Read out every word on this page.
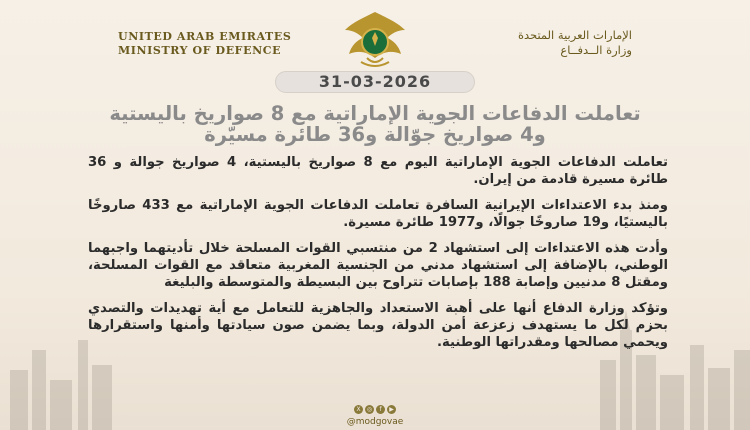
UNITED ARAB EMIRATES
MINISTRY OF DEFENCE
الإمارات العربية المتحدة
وزارة الــدفــاع
31-03-2026
تعاملت الدفاعات الجوية الإماراتية مع 8 صواريخ باليستية
و4 صواريخ جوّالة و36 طائرة مسيّرة

تعاملت الدفاعات الجوية الإماراتية اليوم مع 8 صواريخ باليستية، 4 صواريخ جوالة و 36 طائرة مسيرة قادمة من إيران.

ومنذ بدء الاعتداءات الإيرانية السافرة تعاملت الدفاعات الجوية الإماراتية مع 433 صاروخًا باليستيًا، و19 صاروخًا جوالًا، و1977 طائرة مسيرة.

وأدت هذه الاعتداءات إلى استشهاد 2 من منتسبي القوات المسلحة خلال تأديتهما واجبهما الوطني، بالإضافة إلى استشهاد مدني من الجنسية المغربية متعاقد مع القوات المسلحة، ومقتل 8 مدنيين وإصابة 188 بإصابات تتراوح بين البسيطة والمتوسطة والبليغة

وتؤكد وزارة الدفاع أنها على أهبة الاستعداد والجاهزية للتعامل مع أية تهديدات والتصدي بحزم لكل ما يستهدف زعزعة أمن الدولة، وبما يضمن صون سيادتها وأمنها واستقرارها ويحمي مصالحها ومقدراتها الوطنية.

X	◎	f	▶
@modgovae
